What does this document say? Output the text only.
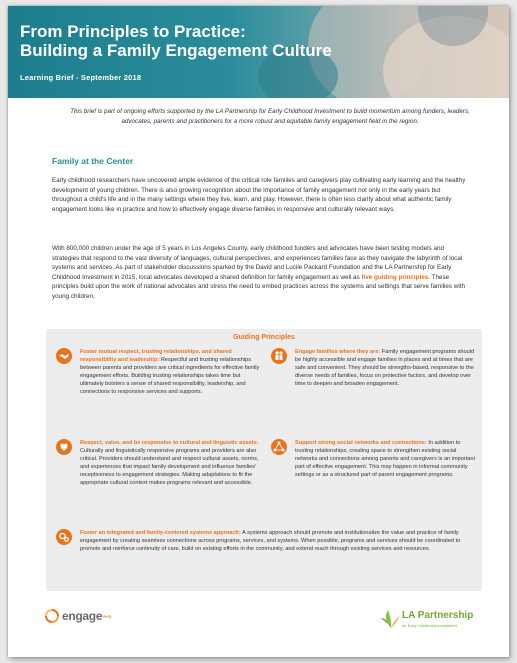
From Principles to Practice:
Building a Family Engagement Culture
Learning Brief - September 2018
This brief is part of ongoing efforts supported by the LA Partnership for Early Childhood Investment to build momentum among funders, leaders, advocates, parents and practitioners for a more robust and equitable family engagement field in the region.
Family at the Center

Early childhood researchers have uncovered ample evidence of the critical role families and caregivers play cultivating early learning and the healthy development of young children. There is also growing recognition about the importance of family engagement not only in the early years but throughout a child's life and in the many settings where they live, learn, and play. However, there is often less clarity about what authentic family engagement looks like in practice and how to effectively engage diverse families in responsive and culturally relevant ways.

With 800,000 children under the age of 5 years in Los Angeles County, early childhood funders and advocates have been testing models and strategies that respond to the vast diversity of languages, cultural perspectives, and experiences families face as they navigate the labyrinth of local systems and services. As part of stakeholder discussions sparked by the David and Lucile Packard Foundation and the LA Partnership for Early Childhood Investment in 2015, local advocates developed a shared definition for family engagement as well as five guiding principles. These principles build upon the work of national advocates and stress the need to embed practices across the systems and settings that serve families with young children.

Guiding Principles

Foster mutual respect, trusting relationships, and shared responsibility and leadership: Respectful and trusting relationships between parents and providers are critical ingredients for effective family engagement efforts. Building trusting relationships takes time but ultimately bolsters a sense of shared responsibility, leadership, and connections to responsive services and supports.

Engage families where they are: Family engagement programs should be highly accessible and engage families in places and at times that are safe and convenient. They should be strengths-based, responsive to the diverse needs of families, focus on protective factors, and develop over time to deepen and broaden engagement.

Respect, value, and be responsive to cultural and linguistic assets: Culturally and linguistically responsive programs and providers are also critical. Providers should understand and respect cultural assets, norms, and experiences that impact family development and influence families' receptiveness to engagement strategies. Making adaptations to fit the appropriate cultural context makes programs relevant and accessible.

Support strong social networks and connections: In addition to trusting relationships, creating space to strengthen existing social networks and connections among parents and caregivers is an important part of effective engagement. This may happen in informal community settings or as a structured part of parent engagement programs.

Foster an integrated and family-centered systems approach: A systems approach should promote and institutionalize the value and practice of family engagement by creating seamless connections across programs, services, and systems. When possible, programs and services should be coordinated to promote and reinforce continuity of care, build on existing efforts in the community, and extend reach through existing services and resources.

engage R+D	LA Partnership
for Early Childhood Investment
